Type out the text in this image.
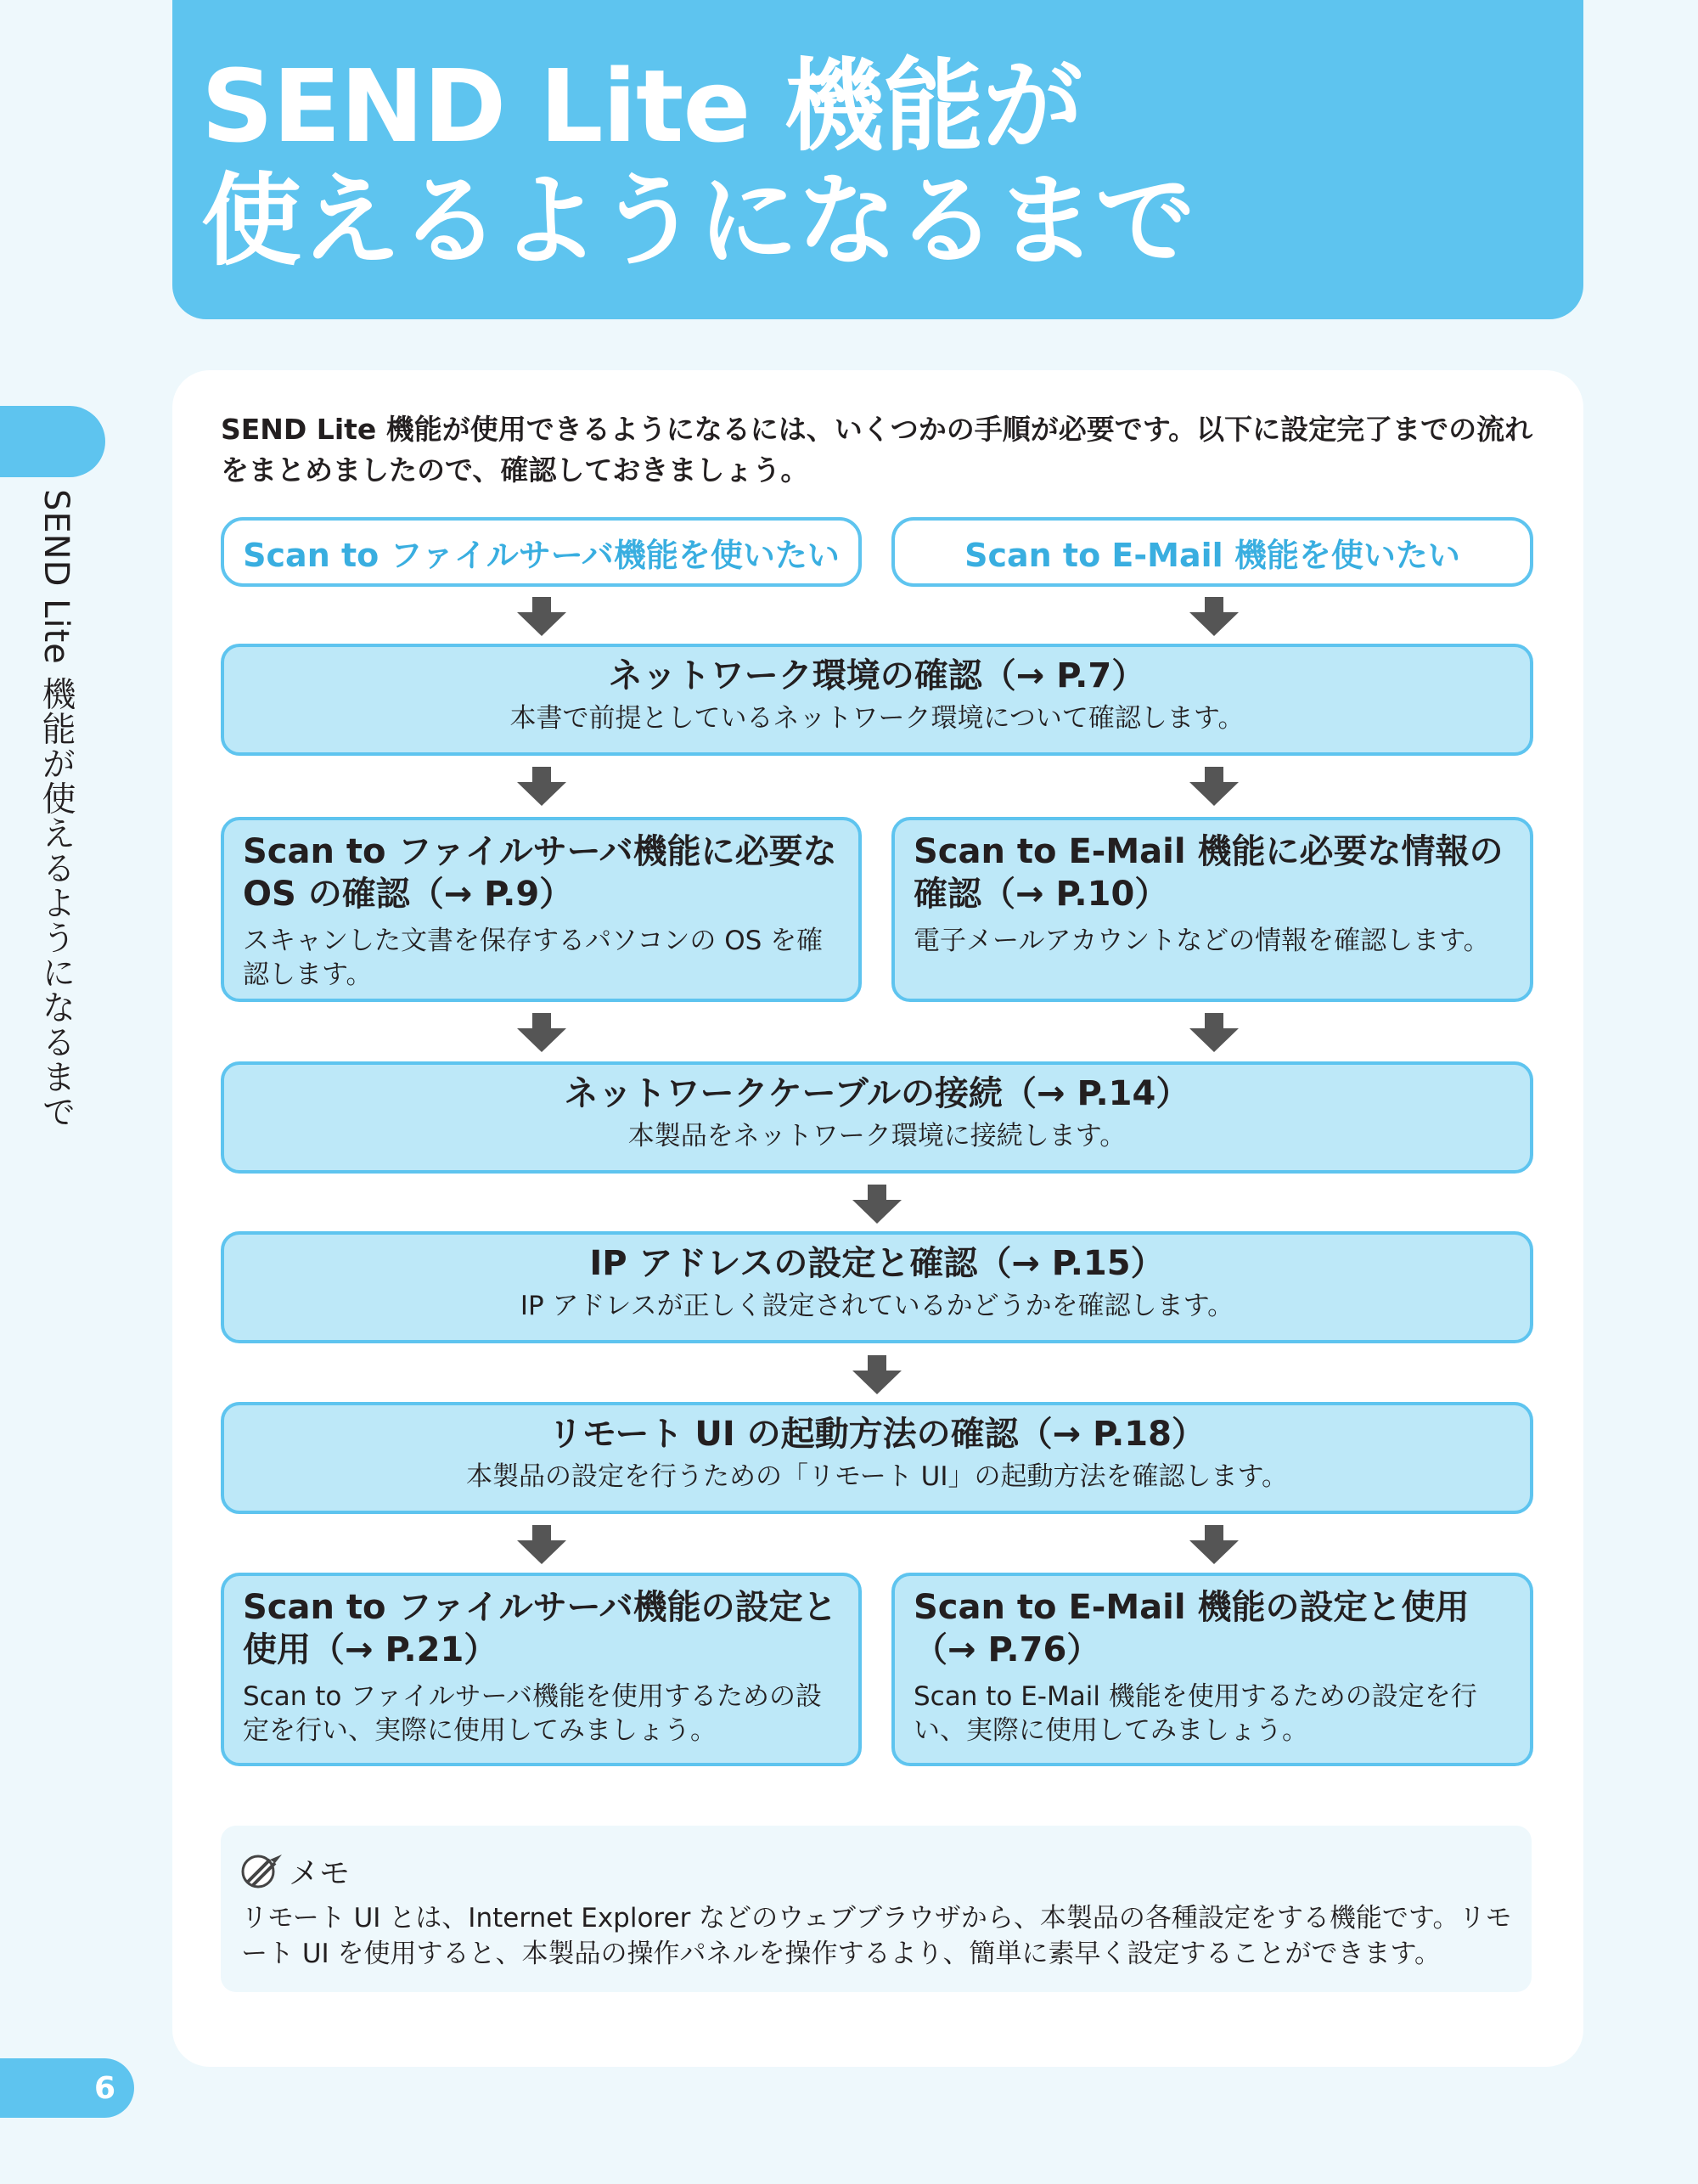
SEND Lite 機能が
使えるようになるまで
SEND Lite 機能が使えるようになるまで
6
SEND Lite 機能が使用できるようになるには、いくつかの手順が必要です。以下に設定完了までの流れをまとめましたので、確認しておきましょう。
Scan to ファイルサーバ機能を使いたい	Scan to E-Mail 機能を使いたい
ネットワーク環境の確認（→ P.7）
本書で前提としているネットワーク環境について確認します。
Scan to ファイルサーバ機能に必要な OS の確認（→ P.9）
スキャンした文書を保存するパソコンの OS を確認します。
Scan to E-Mail 機能に必要な情報の確認（→ P.10）
電子メールアカウントなどの情報を確認します。
ネットワークケーブルの接続（→ P.14）
本製品をネットワーク環境に接続します。
IP アドレスの設定と確認（→ P.15）
IP アドレスが正しく設定されているかどうかを確認します。
リモート UI の起動方法の確認（→ P.18）
本製品の設定を行うための「リモート UI」の起動方法を確認します。
Scan to ファイルサーバ機能の設定と使用（→ P.21）
Scan to ファイルサーバ機能を使用するための設定を行い、実際に使用してみましょう。
Scan to E-Mail 機能の設定と使用（→ P.76）
Scan to E-Mail 機能を使用するための設定を行い、実際に使用してみましょう。
メモ
リモート UI とは、Internet Explorer などのウェブブラウザから、本製品の各種設定をする機能です。リモート UI を使用すると、本製品の操作パネルを操作するより、簡単に素早く設定することができます。
